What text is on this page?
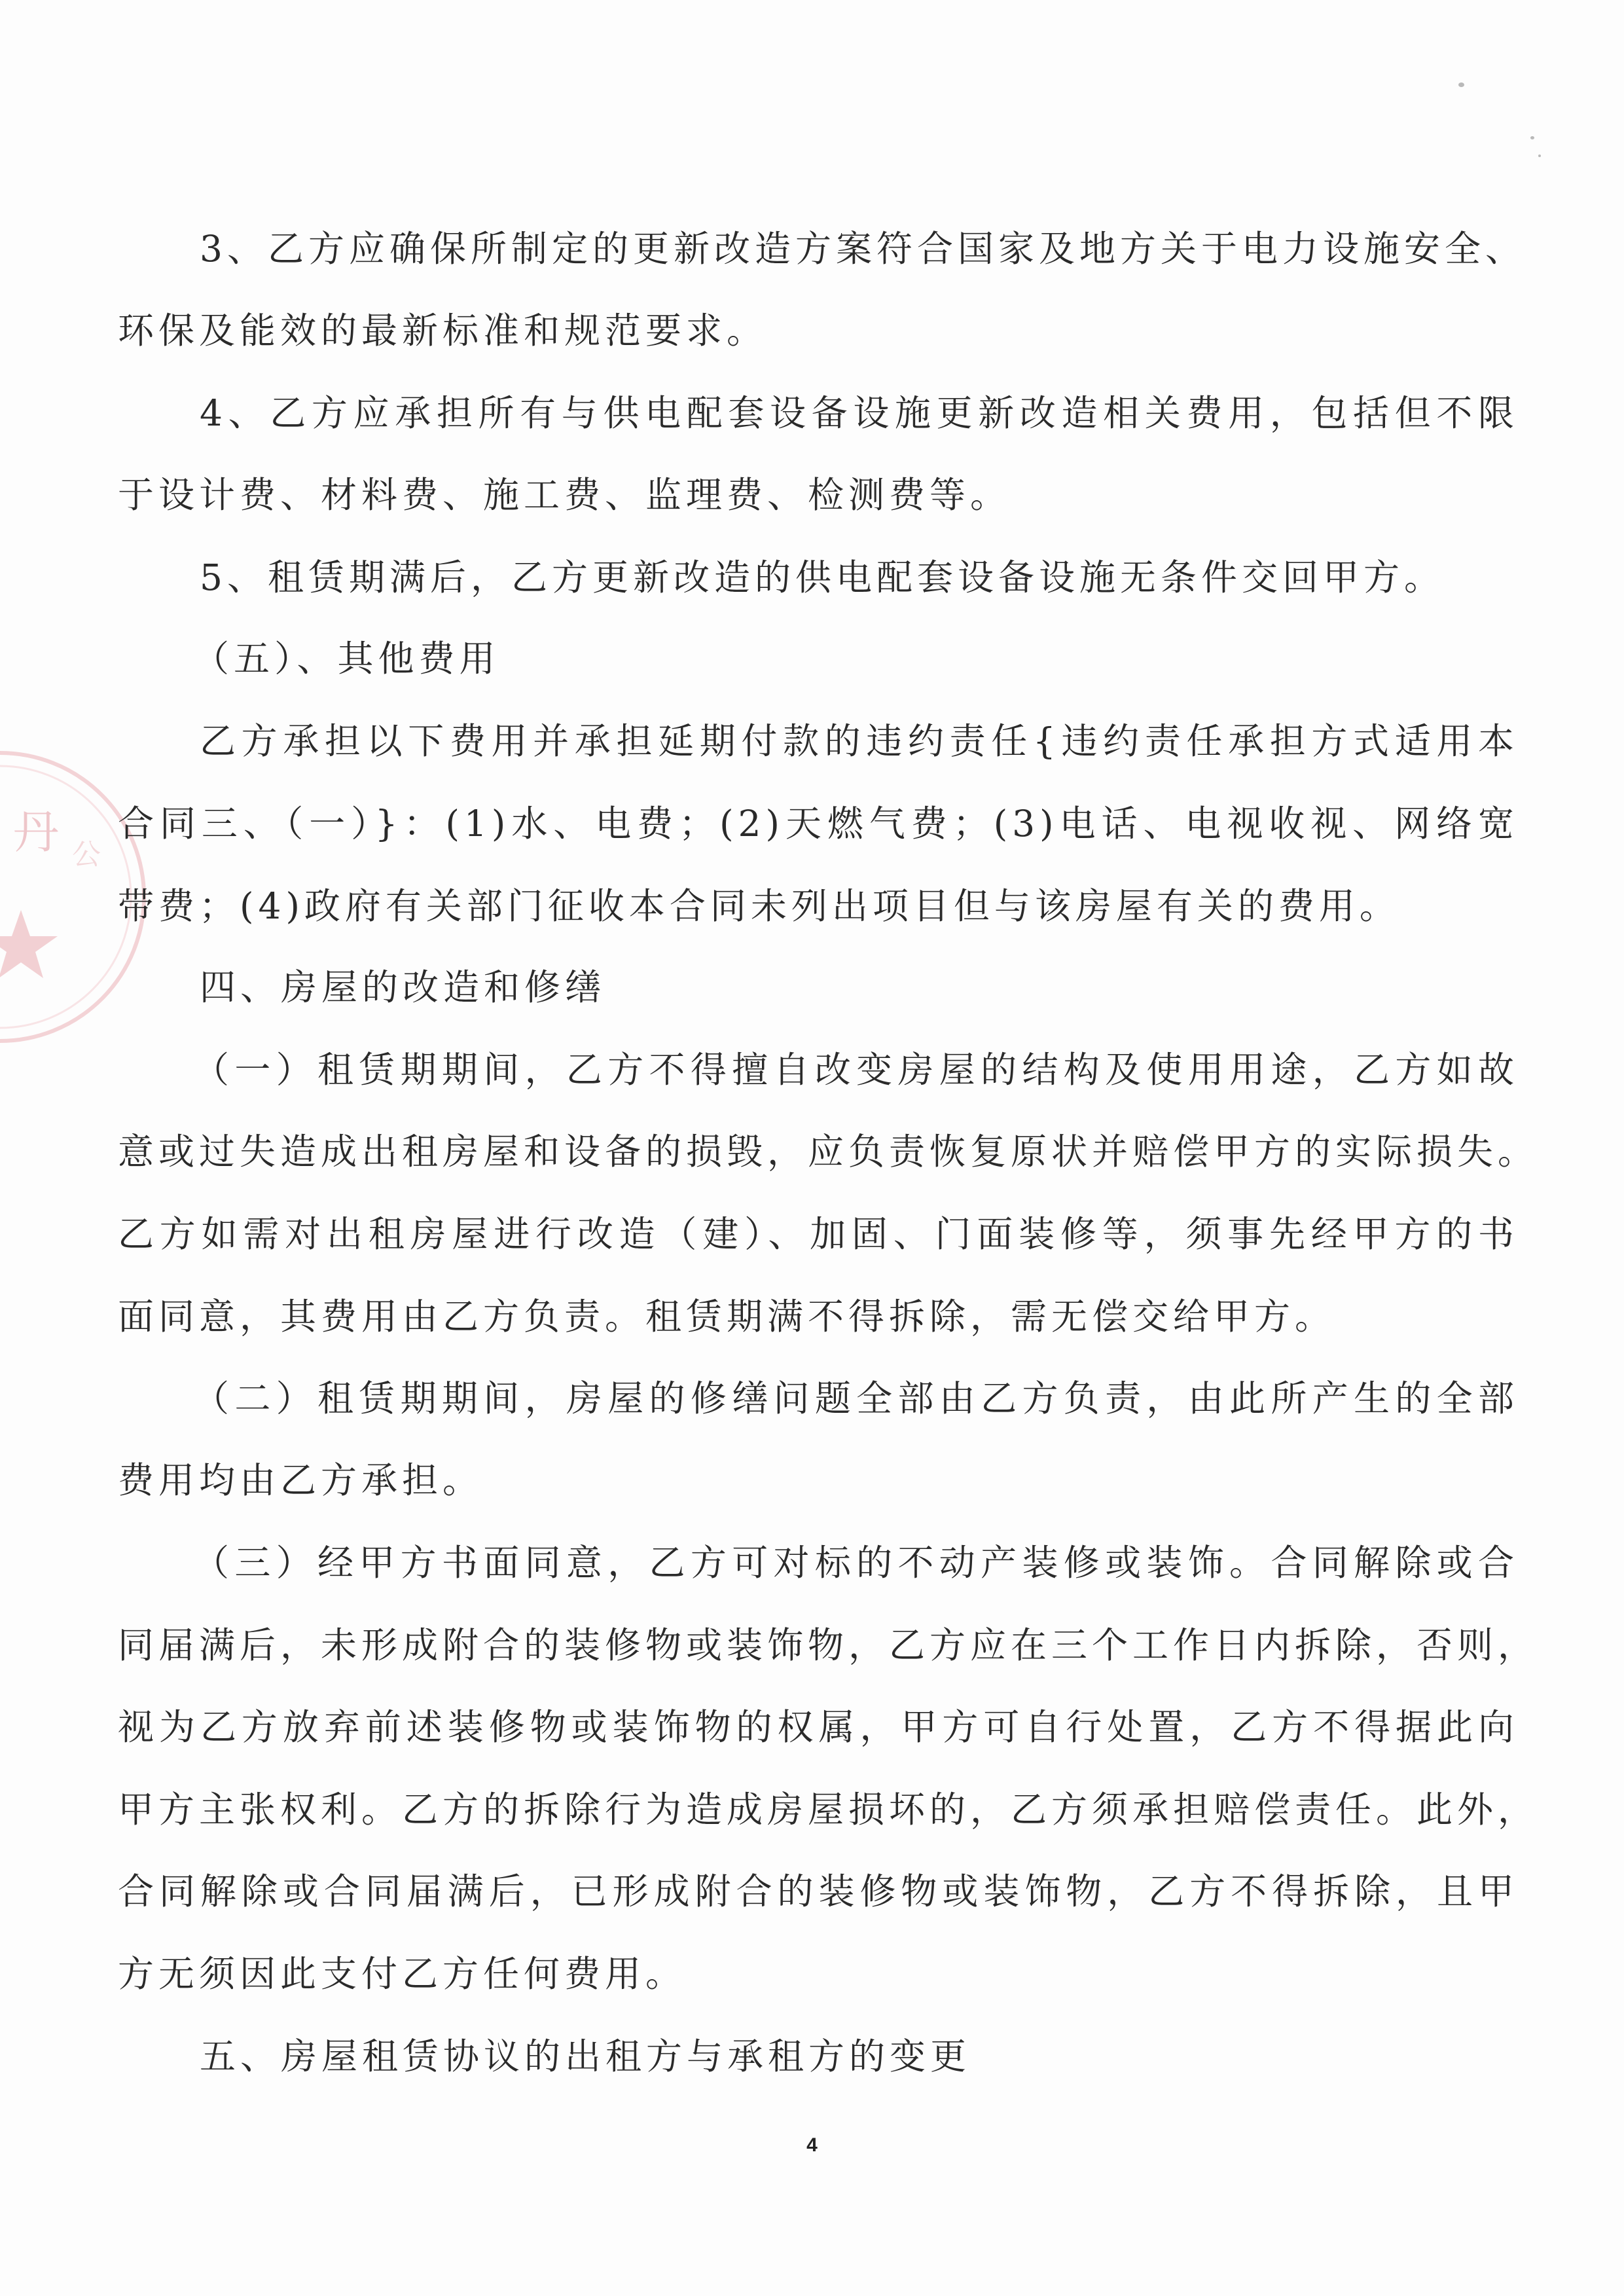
丹 公
3、乙方应确保所制定的更新改造方案符合国家及地方关于电力设施安全、
环保及能效的最新标准和规范要求。
4、乙方应承担所有与供电配套设备设施更新改造相关费用，包括但不限
于设计费、材料费、施工费、监理费、检测费等。
5、租赁期满后，乙方更新改造的供电配套设备设施无条件交回甲方。
（五）、其他费用
乙方承担以下费用并承担延期付款的违约责任{违约责任承担方式适用本
合同三、（一）}：(1)水、电费；(2)天燃气费；(3)电话、电视收视、网络宽
带费；(4)政府有关部门征收本合同未列出项目但与该房屋有关的费用。
四、房屋的改造和修缮
（一）租赁期期间，乙方不得擅自改变房屋的结构及使用用途，乙方如故
意或过失造成出租房屋和设备的损毁，应负责恢复原状并赔偿甲方的实际损失。
乙方如需对出租房屋进行改造（建）、加固、门面装修等，须事先经甲方的书
面同意，其费用由乙方负责。租赁期满不得拆除，需无偿交给甲方。
（二）租赁期期间，房屋的修缮问题全部由乙方负责，由此所产生的全部
费用均由乙方承担。
（三）经甲方书面同意，乙方可对标的不动产装修或装饰。合同解除或合
同届满后，未形成附合的装修物或装饰物，乙方应在三个工作日内拆除，否则，
视为乙方放弃前述装修物或装饰物的权属，甲方可自行处置，乙方不得据此向
甲方主张权利。乙方的拆除行为造成房屋损坏的，乙方须承担赔偿责任。此外，
合同解除或合同届满后，已形成附合的装修物或装饰物，乙方不得拆除，且甲
方无须因此支付乙方任何费用。
五、房屋租赁协议的出租方与承租方的变更
4
